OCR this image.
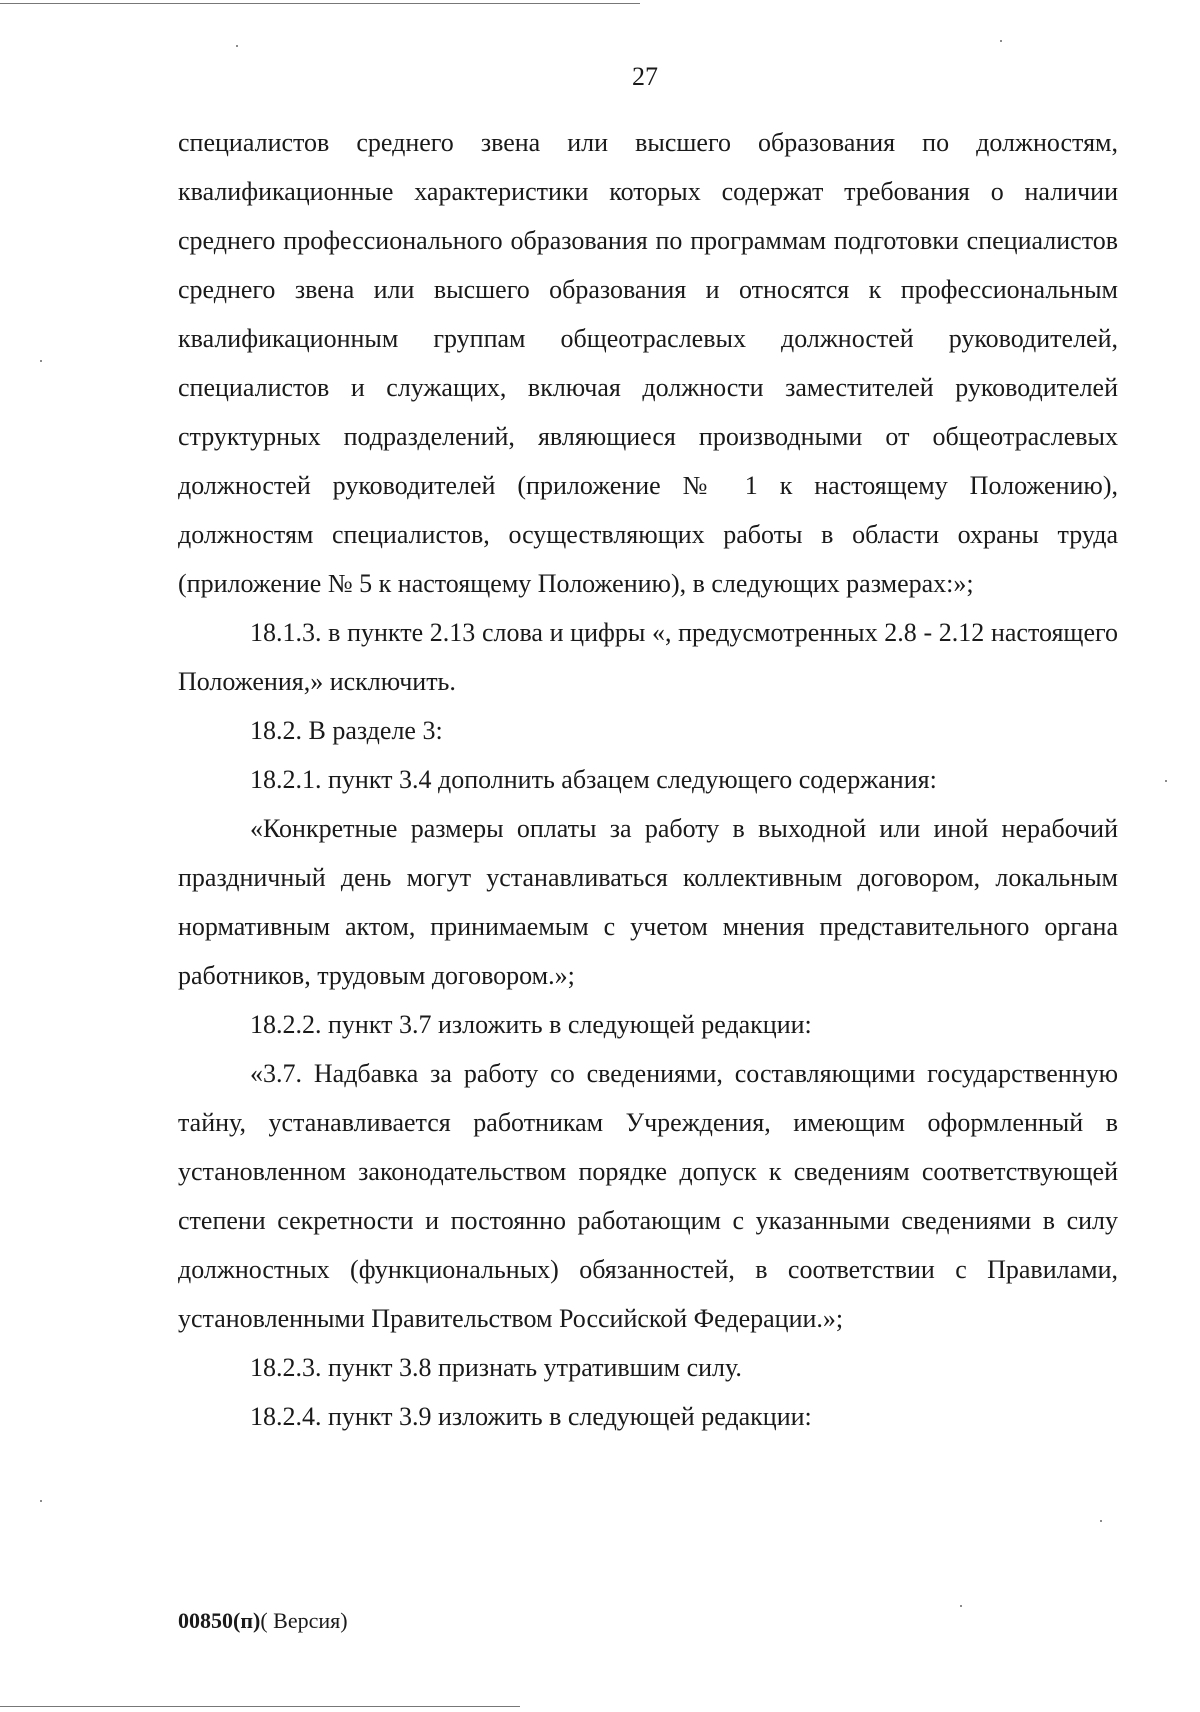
27

специалистов среднего звена или высшего образования по должностям, квалификационные характеристики которых содержат требования о наличии среднего профессионального образования по программам подготовки специалистов среднего звена или высшего образования и относятся к профессиональным квалификационным группам общеотраслевых должностей руководителей, специалистов и служащих, включая должности заместителей руководителей структурных подразделений, являющиеся производными от общеотраслевых должностей руководителей (приложение № 1 к настоящему Положению), должностям специалистов, осуществляющих работы в области охраны труда (приложение № 5 к настоящему Положению), в следующих размерах:»;

18.1.3. в пункте 2.13 слова и цифры «, предусмотренных 2.8 - 2.12 настоящего Положения,» исключить.

18.2. В разделе 3:

18.2.1. пункт 3.4 дополнить абзацем следующего содержания:

«Конкретные размеры оплаты за работу в выходной или иной нерабочий праздничный день могут устанавливаться коллективным договором, локальным нормативным актом, принимаемым с учетом мнения представительного органа работников, трудовым договором.»;

18.2.2. пункт 3.7 изложить в следующей редакции:

«3.7. Надбавка за работу со сведениями, составляющими государственную тайну, устанавливается работникам Учреждения, имеющим оформленный в установленном законодательством порядке допуск к сведениям соответствующей степени секретности и постоянно работающим с указанными сведениями в силу должностных (функциональных) обязанностей, в соответствии с Правилами, установленными Правительством Российской Федерации.»;

18.2.3. пункт 3.8 признать утратившим силу.

18.2.4. пункт 3.9 изложить в следующей редакции:

00850(п)( Версия)
